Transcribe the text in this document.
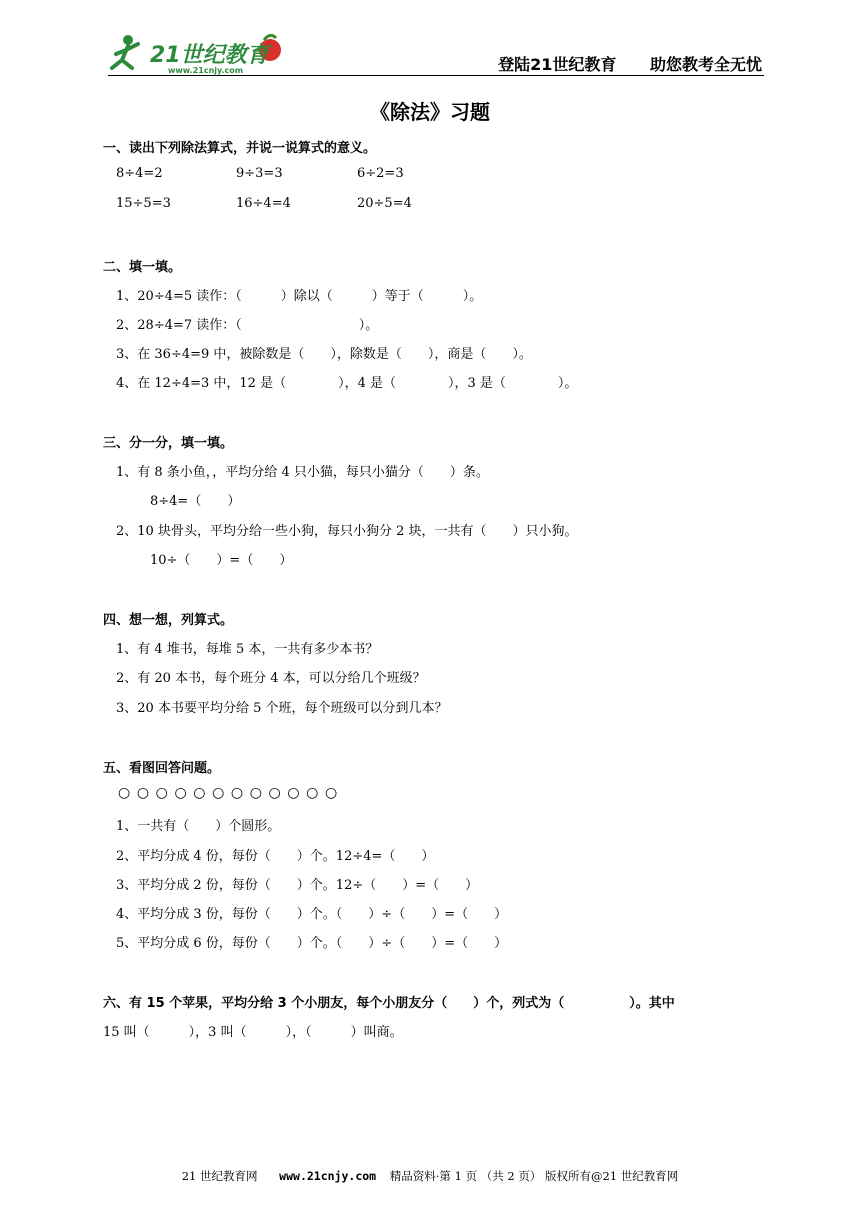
21世纪教育
www.21cnjy.com	登陆21世纪教育 助您教考全无忧
《除法》习题
一、读出下列除法算式，并说一说算式的意义。
8÷4=2	9÷3=3	6÷2=3
15÷5=3	16÷4=4	20÷5=4
二、填一填。
1、20÷4=5 读作：（　　　）除以（　　　）等于（　　　）。
2、28÷4=7 读作：（　　　　　　　　　）。
3、在 36÷4=9 中，被除数是（　　），除数是（　　），商是（　　）。
4、在 12÷4=3 中，12 是（　　　　），4 是（　　　　），3 是（　　　　）。
三、分一分，填一填。
1、有 8 条小鱼，，平均分给 4 只小猫，每只小猫分（　　）条。
8÷4=（　　）
2、10 块骨头，平均分给一些小狗，每只小狗分 2 块，一共有（　　）只小狗。
10÷（　　）=（　　）
四、想一想，列算式。
1、有 4 堆书，每堆 5 本，一共有多少本书？
2、有 20 本书，每个班分 4 本，可以分给几个班级？
3、20 本书要平均分给 5 个班，每个班级可以分到几本？
五、看图回答问题。
○○○○○○○○○○○○
1、一共有（　　）个圆形。
2、平均分成 4 份，每份（　　）个。12÷4=（　　）
3、平均分成 2 份，每份（　　）个。12÷（　　）=（　　）
4、平均分成 3 份，每份（　　）个。（　　）÷（　　）=（　　）
5、平均分成 6 份，每份（　　）个。（　　）÷（　　）=（　　）
六、有 15 个苹果，平均分给 3 个小朋友，每个小朋友分（　　）个，列式为（　　　　　）。其中
15 叫（　　　），3 叫（　　　），（　　　）叫商。
21 世纪教育网 www.21cnjy.com 精品资料·第 1 页 （共 2 页） 版权所有@21 世纪教育网
